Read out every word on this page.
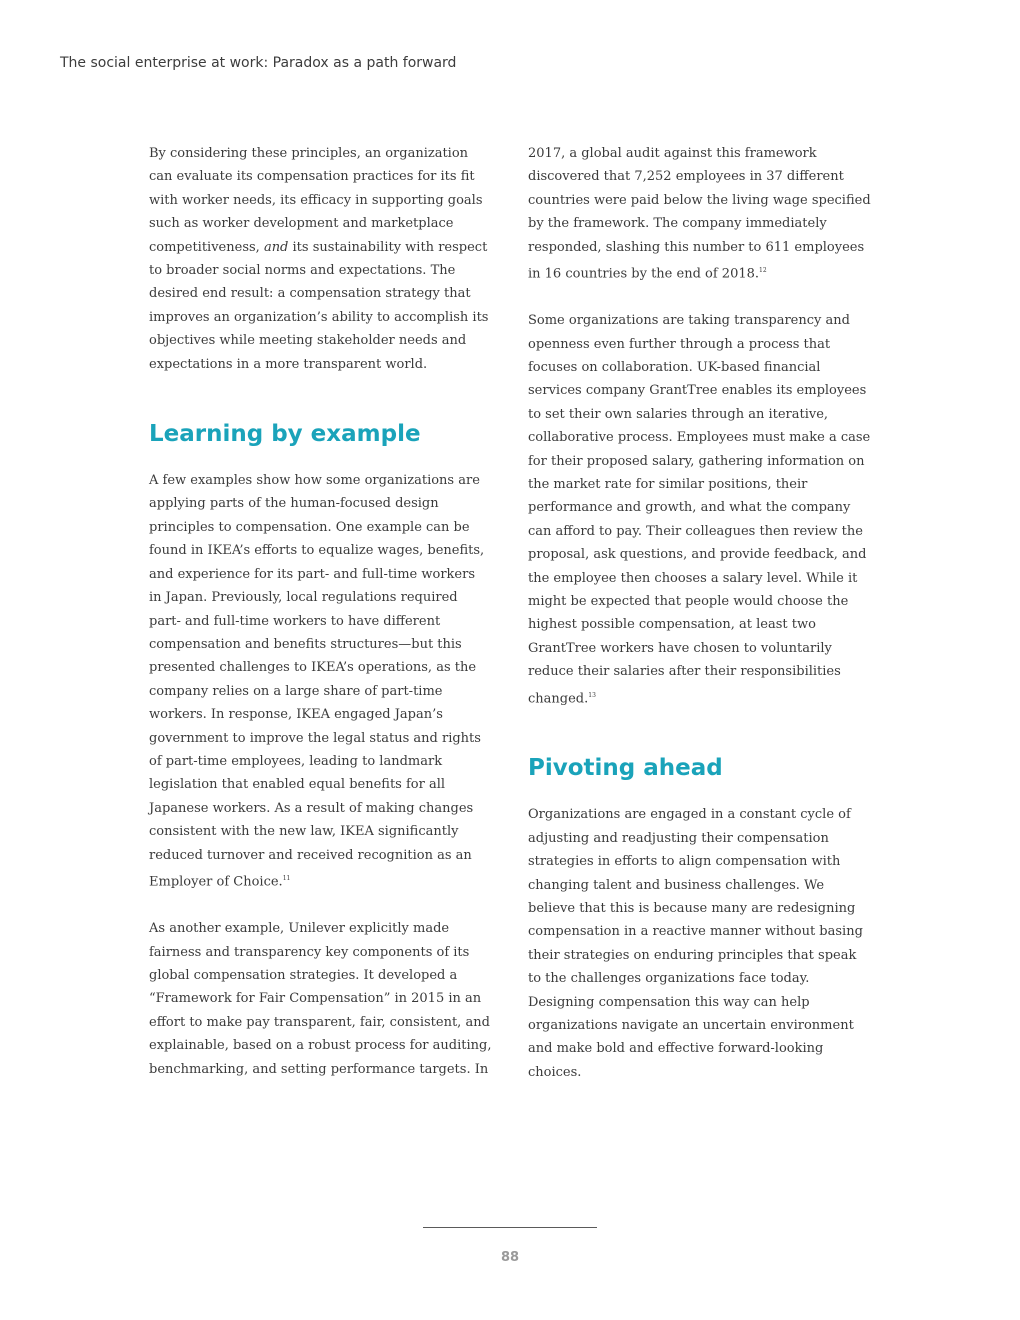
The social enterprise at work: Paradox as a path forward

By considering these principles, an organization
can evaluate its compensation practices for its fit
with worker needs, its efficacy in supporting goals
such as worker development and marketplace
competitiveness, and its sustainability with respect
to broader social norms and expectations. The
desired end result: a compensation strategy that
improves an organization’s ability to accomplish its
objectives while meeting stakeholder needs and
expectations in a more transparent world.

Learning by example

A few examples show how some organizations are
applying parts of the human-focused design
principles to compensation. One example can be
found in IKEA’s efforts to equalize wages, benefits,
and experience for its part- and full-time workers
in Japan. Previously, local regulations required
part- and full-time workers to have different
compensation and benefits structures—but this
presented challenges to IKEA’s operations, as the
company relies on a large share of part-time
workers. In response, IKEA engaged Japan’s
government to improve the legal status and rights
of part-time employees, leading to landmark
legislation that enabled equal benefits for all
Japanese workers. As a result of making changes
consistent with the new law, IKEA significantly
reduced turnover and received recognition as an
Employer of Choice.$^{11}$

As another example, Unilever explicitly made
fairness and transparency key components of its
global compensation strategies. It developed a
“Framework for Fair Compensation” in 2015 in an
effort to make pay transparent, fair, consistent, and
explainable, based on a robust process for auditing,
benchmarking, and setting performance targets. In

2017, a global audit against this framework
discovered that 7,252 employees in 37 different
countries were paid below the living wage specified
by the framework. The company immediately
responded, slashing this number to 611 employees
in 16 countries by the end of 2018.12

Some organizations are taking transparency and
openness even further through a process that
focuses on collaboration. UK-based financial
services company GrantTree enables its employees
to set their own salaries through an iterative,
collaborative process. Employees must make a case
for their proposed salary, gathering information on
the market rate for similar positions, their
performance and growth, and what the company
can afford to pay. Their colleagues then review the
proposal, ask questions, and provide feedback, and
the employee then chooses a salary level. While it
might be expected that people would choose the
highest possible compensation, at least two
GrantTree workers have chosen to voluntarily
reduce their salaries after their responsibilities
changed.$^{13}$

Pivoting ahead

Organizations are engaged in a constant cycle of
adjusting and readjusting their compensation
strategies in efforts to align compensation with
changing talent and business challenges. We
believe that this is because many are redesigning
compensation in a reactive manner without basing
their strategies on enduring principles that speak
to the challenges organizations face today.
Designing compensation this way can help
organizations navigate an uncertain environment
and make bold and effective forward-looking
choices.

88
